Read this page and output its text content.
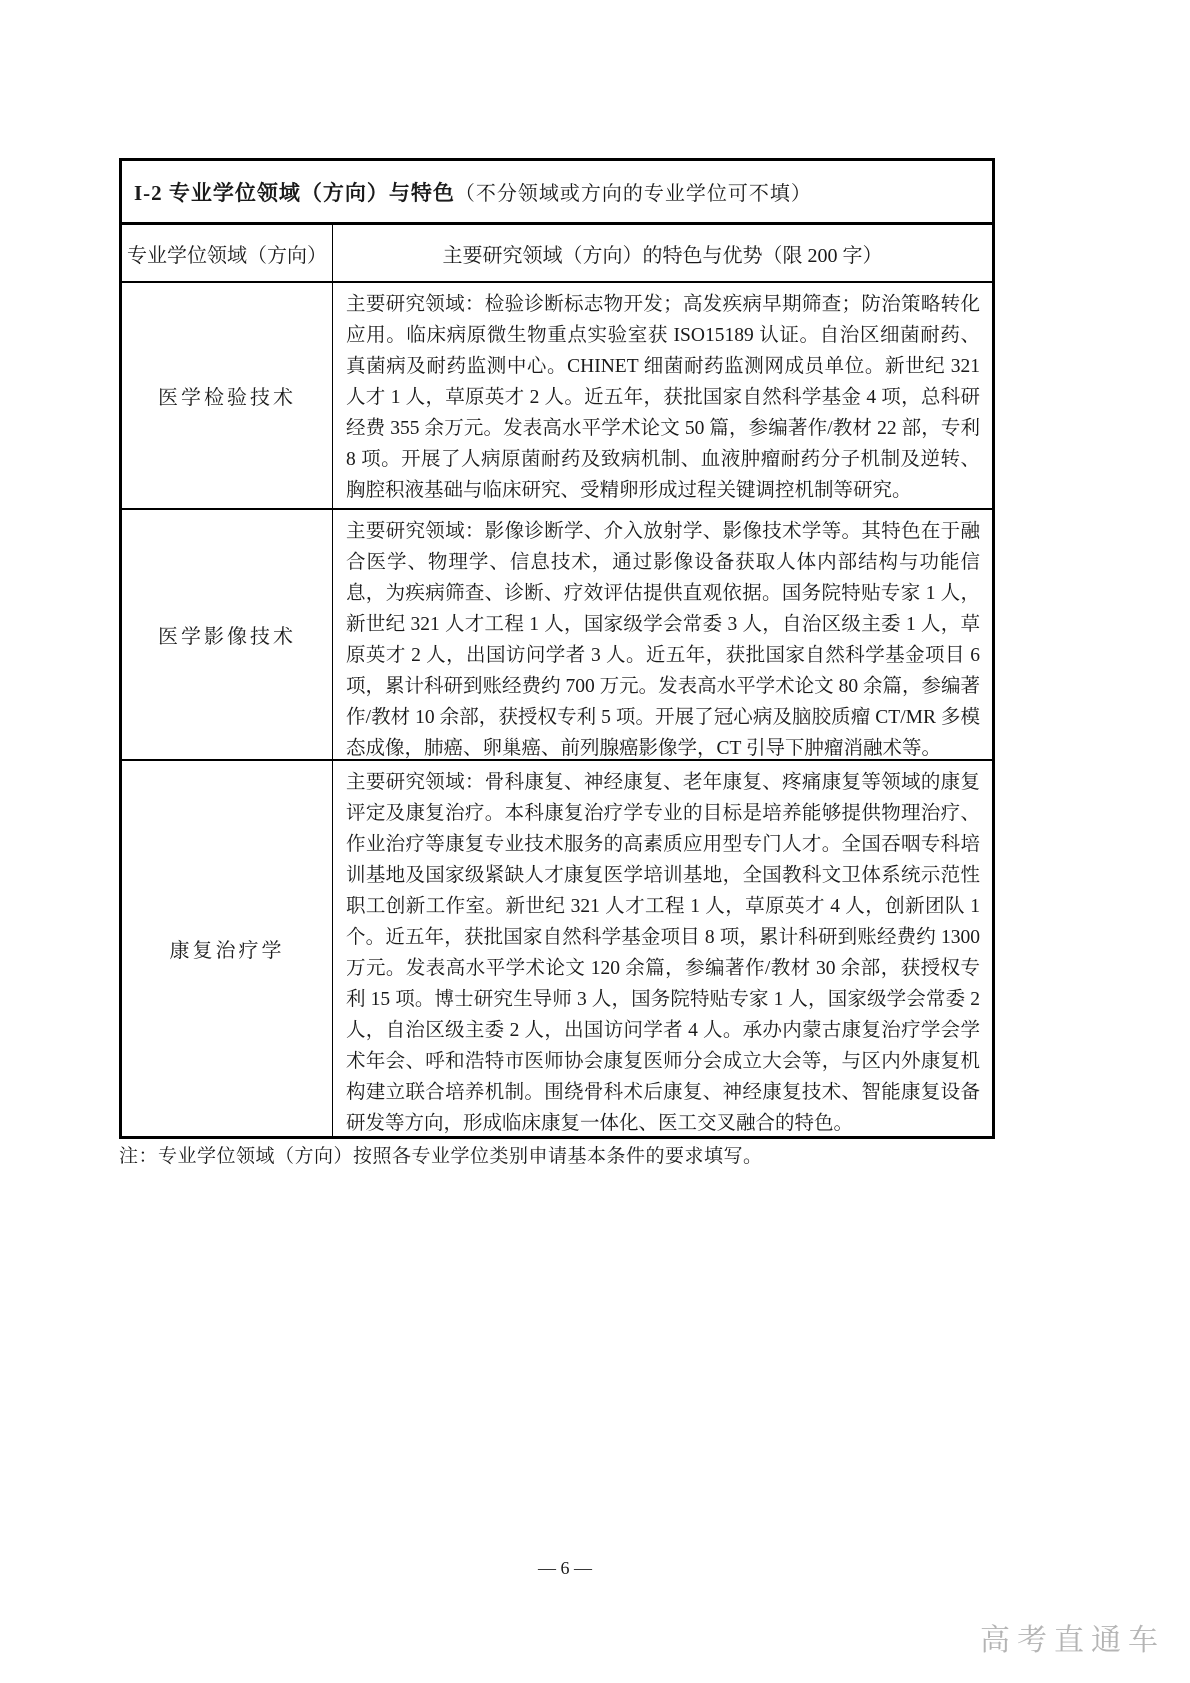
I-2 专业学位领域（方向）与特色 （不分领域或方向的专业学位可不填）
专业学位领域（方向）	主要研究领域（方向）的特色与优势（限 200 字）
医学检验技术
主要研究领域：检验诊断标志物开发；高发疾病早期筛查；防治策略转化应用。临床病原微生物重点实验室获 ISO15189 认证。自治区细菌耐药、真菌病及耐药监测中心。CHINET 细菌耐药监测网成员单位。新世纪 321 人才 1 人，草原英才 2 人。近五年，获批国家自然科学基金 4 项，总科研经费 355 余万元。发表高水平学术论文 50 篇，参编著作/教材 22 部，专利 8 项。开展了人病原菌耐药及致病机制、血液肿瘤耐药分子机制及逆转、胸腔积液基础与临床研究、受精卵形成过程关键调控机制等研究。
医学影像技术
主要研究领域：影像诊断学、介入放射学、影像技术学等。其特色在于融合医学、物理学、信息技术，通过影像设备获取人体内部结构与功能信息，为疾病筛查、诊断、疗效评估提供直观依据。国务院特贴专家 1 人，新世纪 321 人才工程 1 人，国家级学会常委 3 人，自治区级主委 1 人，草原英才 2 人，出国访问学者 3 人。近五年，获批国家自然科学基金项目 6 项，累计科研到账经费约 700 万元。发表高水平学术论文 80 余篇，参编著作/教材 10 余部，获授权专利 5 项。开展了冠心病及脑胶质瘤 CT/MR 多模态成像，肺癌、卵巢癌、前列腺癌影像学，CT 引导下肿瘤消融术等。
康复治疗学
主要研究领域：骨科康复、神经康复、老年康复、疼痛康复等领域的康复评定及康复治疗。本科康复治疗学专业的目标是培养能够提供物理治疗、作业治疗等康复专业技术服务的高素质应用型专门人才。全国吞咽专科培训基地及国家级紧缺人才康复医学培训基地，全国教科文卫体系统示范性职工创新工作室。新世纪 321 人才工程 1 人，草原英才 4 人，创新团队 1 个。近五年，获批国家自然科学基金项目 8 项，累计科研到账经费约 1300 万元。发表高水平学术论文 120 余篇，参编著作/教材 30 余部，获授权专利 15 项。博士研究生导师 3 人，国务院特贴专家 1 人，国家级学会常委 2 人，自治区级主委 2 人，出国访问学者 4 人。承办内蒙古康复治疗学会学术年会、呼和浩特市医师协会康复医师分会成立大会等，与区内外康复机构建立联合培养机制。围绕骨科术后康复、神经康复技术、智能康复设备研发等方向，形成临床康复一体化、医工交叉融合的特色。
注：专业学位领域（方向）按照各专业学位类别申请基本条件的要求填写。
— 6 —
高考直通车
